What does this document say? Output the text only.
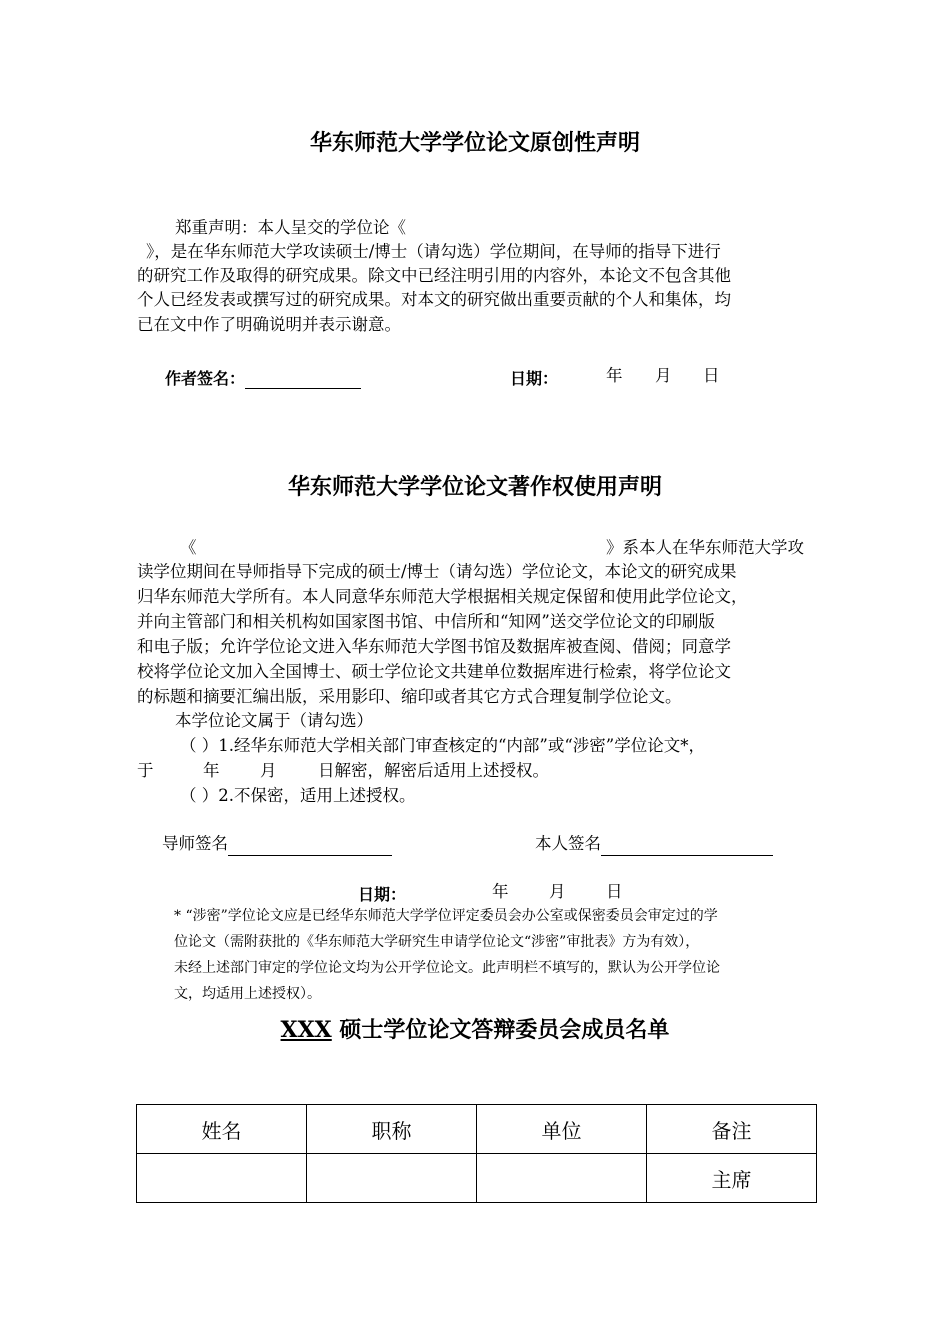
华东师范大学学位论文原创性声明
郑重声明：本人呈交的学位论《
》，是在华东师范大学攻读硕士/博士（请勾选）学位期间，在导师的指导下进行
的研究工作及取得的研究成果。除文中已经注明引用的内容外，本论文不包含其他
个人已经发表或撰写过的研究成果。对本文的研究做出重要贡献的个人和集体，均
已在文中作了明确说明并表示谢意。
作者签名：	日期：	年 月 日
华东师范大学学位论文著作权使用声明
《	》系本人在华东师范大学攻
读学位期间在导师指导下完成的硕士/博士（请勾选）学位论文，本论文的研究成果
归华东师范大学所有。本人同意华东师范大学根据相关规定保留和使用此学位论文，
并向主管部门和相关机构如国家图书馆、中信所和“知网”送交学位论文的印刷版
和电子版；允许学位论文进入华东师范大学图书馆及数据库被查阅、借阅；同意学
校将学位论文加入全国博士、硕士学位论文共建单位数据库进行检索，将学位论文
的标题和摘要汇编出版，采用影印、缩印或者其它方式合理复制学位论文。
本学位论文属于（请勾选）
（ ）1.经华东师范大学相关部门审查核定的“内部”或“涉密”学位论文*，
于	年 月	日解密，解密后适用上述授权。
（ ）2.不保密，适用上述授权。
导师签名	本人签名
日期：	年 月 日
* “涉密”学位论文应是已经华东师范大学学位评定委员会办公室或保密委员会审定过的学
位论文（需附获批的《华东师范大学研究生申请学位论文“涉密”审批表》方为有效），
未经上述部门审定的学位论文均为公开学位论文。此声明栏不填写的，默认为公开学位论
文，均适用上述授权）。
XXX 硕士学位论文答辩委员会成员名单
姓名	职称	单位	备注
			主席
